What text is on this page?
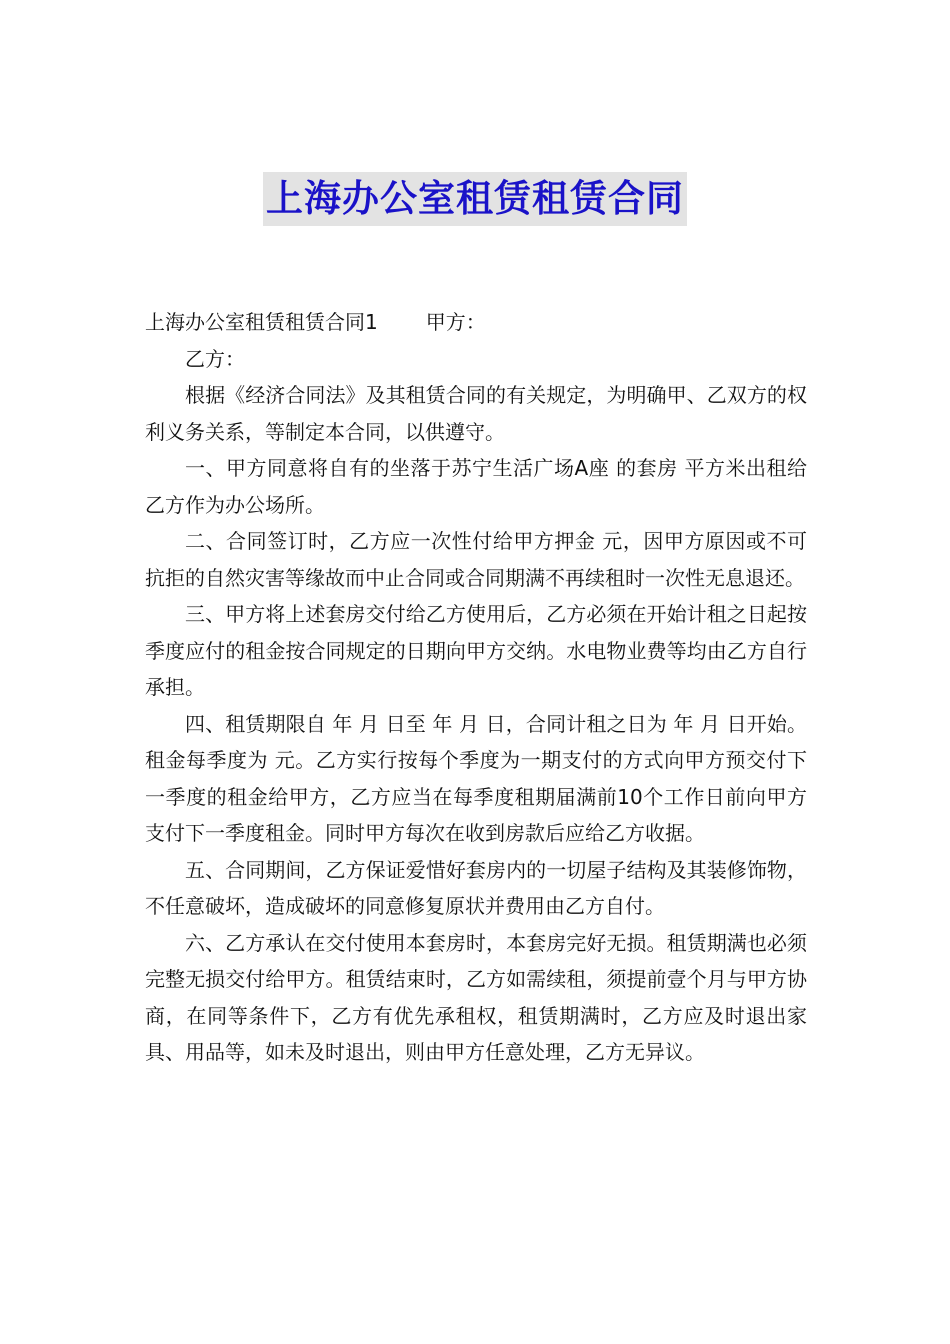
上海办公室租赁租赁合同

上海办公室租赁租赁合同1 甲方：

乙方：

根据《经济合同法》及其租赁合同的有关规定，为明确甲、乙双方的权利义务关系，等制定本合同，以供遵守。

一、甲方同意将自有的坐落于苏宁生活广场A座 的套房 平方米出租给乙方作为办公场所。

二、合同签订时，乙方应一次性付给甲方押金 元，因甲方原因或不可抗拒的自然灾害等缘故而中止合同或合同期满不再续租时一次性无息退还。

三、甲方将上述套房交付给乙方使用后，乙方必须在开始计租之日起按季度应付的租金按合同规定的日期向甲方交纳。水电物业费等均由乙方自行承担。

四、租赁期限自 年 月 日至 年 月 日，合同计租之日为 年 月 日开始。租金每季度为 元。乙方实行按每个季度为一期支付的方式向甲方预交付下一季度的租金给甲方，乙方应当在每季度租期届满前10个工作日前向甲方支付下一季度租金。同时甲方每次在收到房款后应给乙方收据。

五、合同期间，乙方保证爱惜好套房内的一切屋子结构及其装修饰物，不任意破坏，造成破坏的同意修复原状并费用由乙方自付。

六、乙方承认在交付使用本套房时，本套房完好无损。租赁期满也必须完整无损交付给甲方。租赁结束时，乙方如需续租，须提前壹个月与甲方协商，在同等条件下，乙方有优先承租权，租赁期满时，乙方应及时退出家具、用品等，如未及时退出，则由甲方任意处理，乙方无异议。
